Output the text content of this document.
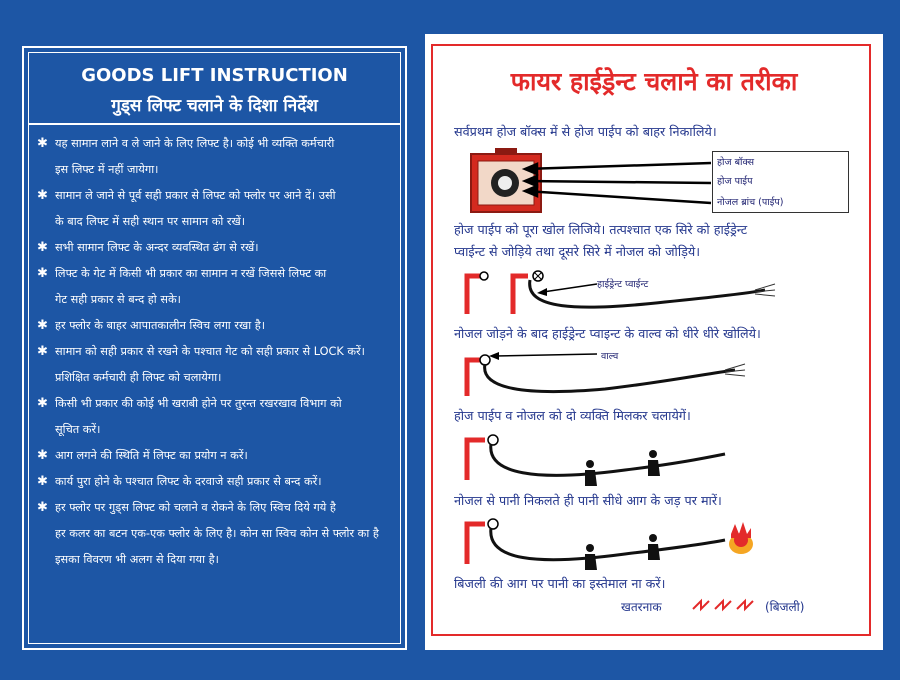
GOODS LIFT INSTRUCTION
गुड्स लिफ्ट चलाने के दिशा निर्देश
✱ यह सामान लाने व ले जाने के लिए लिफ्ट है। कोई भी व्यक्ति कर्मचारी
इस लिफ्ट में नहीं जायेगा।
✱ सामान ले जाने से पूर्व सही प्रकार से लिफ्ट को फ्लोर पर आने दें। उसी
के बाद लिफ्ट में सही स्थान पर सामान को रखें।
✱ सभी सामान लिफ्ट के अन्दर व्यवस्थित ढंग से रखें।
✱ लिफ्ट के गेट में किसी भी प्रकार का सामान न रखें जिससे लिफ्ट का
गेट सही प्रकार से बन्द हो सके।
✱ हर फ्लोर के बाहर आपातकालीन स्विच लगा रखा है।
✱ सामान को सही प्रकार से रखने के पश्चात गेट को सही प्रकार से LOCK करें।
प्रशिक्षित कर्मचारी ही लिफ्ट को चलायेगा।
✱ किसी भी प्रकार की कोई भी खराबी होने पर तुरन्त रखरखाव विभाग को
सूचित करें।
✱ आग लगने की स्थिति में लिफ्ट का प्रयोग न करें।
✱ कार्य पुरा होने के पश्चात लिफ्ट के दरवाजे सही प्रकार से बन्द करें।
✱ हर फ्लोर पर गुड्स लिफ्ट को चलाने व रोकने के लिए स्विच दिये गये है
हर कलर का बटन एक-एक फ्लोर के लिए है। कोन सा स्विच कोन से फ्लोर का है
इसका विवरण भी अलग से दिया गया है।
फायर हाईड्रेन्ट चलाने का तरीका
सर्वप्रथम होज बॉक्स में से होज पाईप को बाहर निकालिये।
होज पाईप को पूरा खोल लिजिये। तत्पश्चात एक सिरे को हाईड्रेन्ट
प्वाईन्ट से जोड़िये तथा दूसरे सिरे में नोजल को जोड़िये।
नोजल जोड़ने के बाद हाईड्रेन्ट प्वाइन्ट के वाल्व को धीरे धीरे खोलिये।
होज पाईप व नोजल को दो व्यक्ति मिलकर चलायेगें।
नोजल से पानी निकलते ही पानी सीधे आग के जड़ पर मारें।
बिजली की आग पर पानी का इस्तेमाल ना करें।
होज बॉक्स
होज पाईप
नोजल ब्रांच (पाईप)
हाईड्रेन्ट प्वाईन्ट
वाल्व
खतरनाक	(बिजली)
